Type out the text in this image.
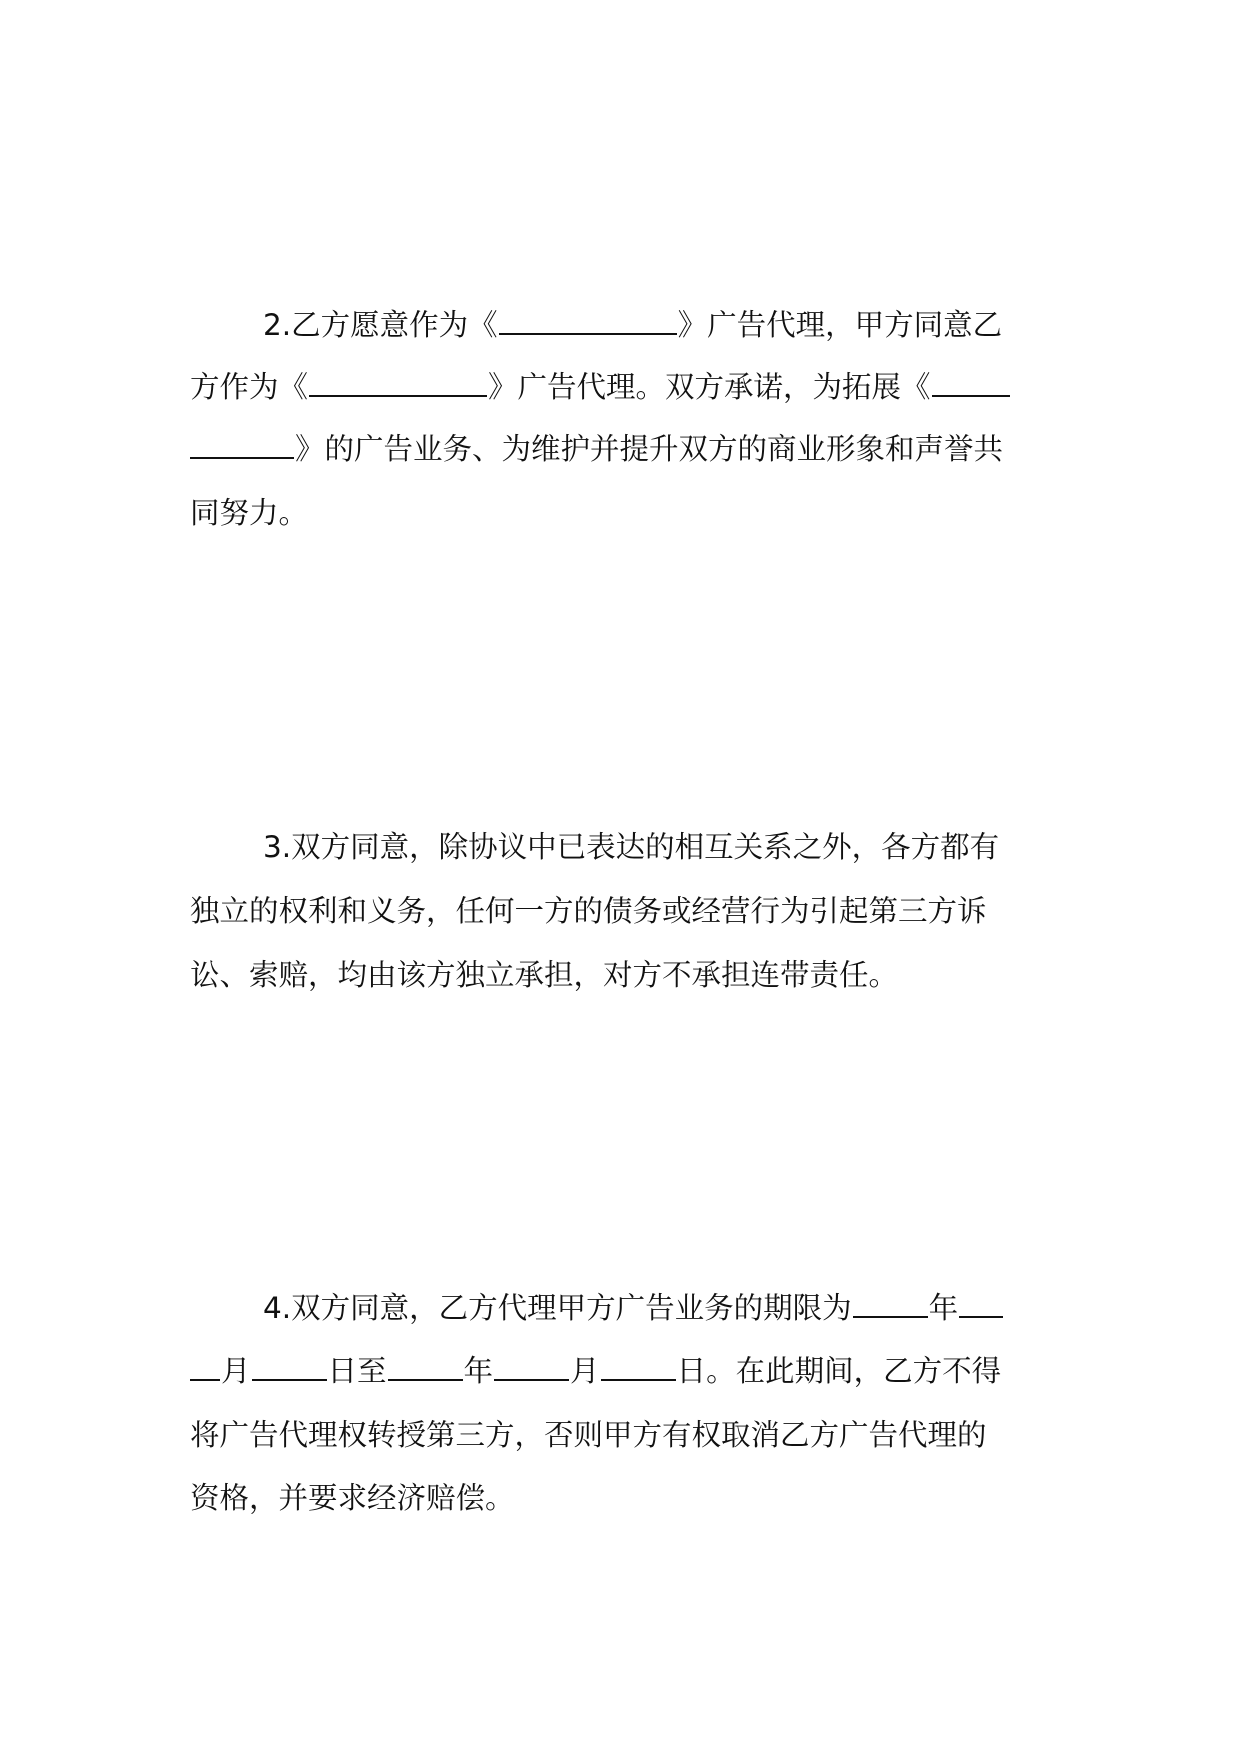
2.乙方愿意作为《	》广告代理，甲方同意乙
方作为《	》广告代理。双方承诺，为拓展《
》的广告业务、为维护并提升双方的商业形象和声誉共
同努力。
3.双方同意，除协议中已表达的相互关系之外，各方都有
独立的权利和义务，任何一方的债务或经营行为引起第三方诉
讼、索赔，均由该方独立承担，对方不承担连带责任。
4.双方同意，乙方代理甲方广告业务的期限为	年
月	日至	年	月	日。在此期间，乙方不得
将广告代理权转授第三方，否则甲方有权取消乙方广告代理的
资格，并要求经济赔偿。
